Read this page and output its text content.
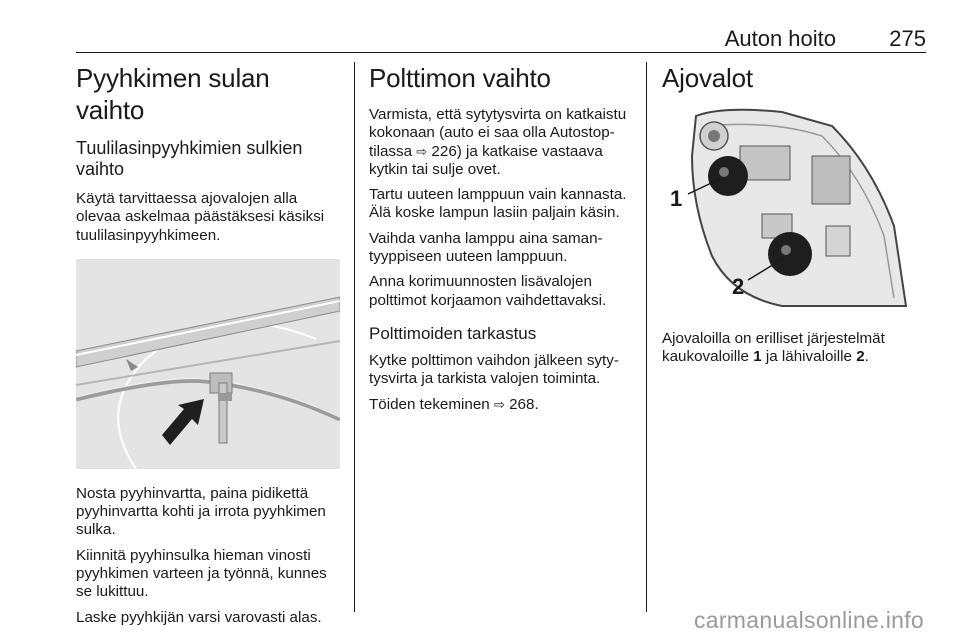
Auton hoito 275
Pyyhkimen sulan vaihto
Tuulilasinpyyhkimien sulkien vaihto

Käytä tarvittaessa ajovalojen alla olevaa askelmaa päästäksesi käsiksi tuulilasinpyyhkimeen.

Nosta pyyhinvartta, paina pidikettä pyyhinvartta kohti ja irrota pyyhkimen sulka.

Kiinnitä pyyhinsulka hieman vinosti pyyhkimen varteen ja työnnä, kunnes se lukittuu.

Laske pyyhkijän varsi varovasti alas.

Polttimon vaihto

Varmista, että sytytysvirta on katkaistu kokonaan (auto ei saa olla Autostop-tilassa ⇨ 226) ja katkaise vastaava kytkin tai sulje ovet.

Tartu uuteen lamppuun vain kannasta. Älä koske lampun lasiin paljain käsin.

Vaihda vanha lamppu aina samantyyppiseen uuteen lamppuun.

Anna korimuunnosten lisävalojen polttimot korjaamon vaihdettavaksi.

Polttimoiden tarkastus

Kytke polttimon vaihdon jälkeen sytytysvirta ja tarkista valojen toiminta.

Töiden tekeminen ⇨ 268.

Ajovalot
1
2

Ajovaloilla on erilliset järjestelmät kaukovaloille 1 ja lähivaloille 2.

carmanualsonline.info
